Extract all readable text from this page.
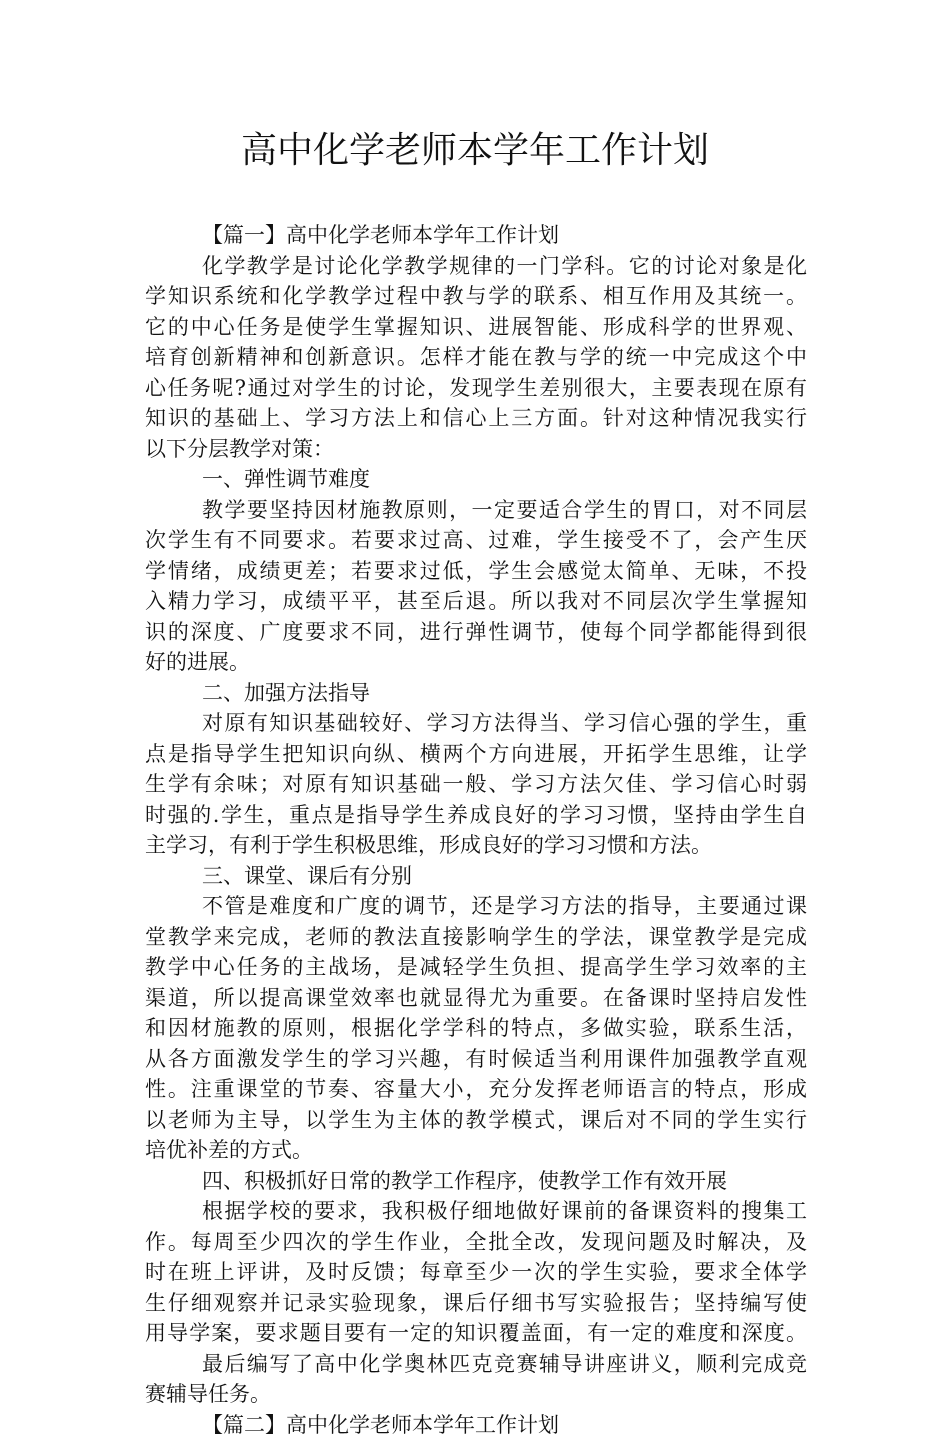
高中化学老师本学年工作计划
【篇一】高中化学老师本学年工作计划
化学教学是讨论化学教学规律的一门学科。它的讨论对象是化
学知识系统和化学教学过程中教与学的联系、相互作用及其统一。
它的中心任务是使学生掌握知识、进展智能、形成科学的世界观、
培育创新精神和创新意识。怎样才能在教与学的统一中完成这个中
心任务呢?通过对学生的讨论，发现学生差别很大，主要表现在原有
知识的基础上、学习方法上和信心上三方面。针对这种情况我实行
以下分层教学对策：
一、弹性调节难度
教学要坚持因材施教原则，一定要适合学生的胃口，对不同层
次学生有不同要求。若要求过高、过难，学生接受不了，会产生厌
学情绪，成绩更差；若要求过低，学生会感觉太简单、无味，不投
入精力学习，成绩平平，甚至后退。所以我对不同层次学生掌握知
识的深度、广度要求不同，进行弹性调节，使每个同学都能得到很
好的进展。
二、加强方法指导
对原有知识基础较好、学习方法得当、学习信心强的学生，重
点是指导学生把知识向纵、横两个方向进展，开拓学生思维，让学
生学有余味；对原有知识基础一般、学习方法欠佳、学习信心时弱
时强的.学生，重点是指导学生养成良好的学习习惯，坚持由学生自
主学习，有利于学生积极思维，形成良好的学习习惯和方法。
三、课堂、课后有分别
不管是难度和广度的调节，还是学习方法的指导，主要通过课
堂教学来完成，老师的教法直接影响学生的学法，课堂教学是完成
教学中心任务的主战场，是减轻学生负担、提高学生学习效率的主
渠道，所以提高课堂效率也就显得尤为重要。在备课时坚持启发性
和因材施教的原则，根据化学学科的特点，多做实验，联系生活，
从各方面激发学生的学习兴趣，有时候适当利用课件加强教学直观
性。注重课堂的节奏、容量大小，充分发挥老师语言的特点，形成
以老师为主导，以学生为主体的教学模式，课后对不同的学生实行
培优补差的方式。
四、积极抓好日常的教学工作程序，使教学工作有效开展
根据学校的要求，我积极仔细地做好课前的备课资料的搜集工
作。每周至少四次的学生作业，全批全改，发现问题及时解决，及
时在班上评讲，及时反馈；每章至少一次的学生实验，要求全体学
生仔细观察并记录实验现象，课后仔细书写实验报告；坚持编写使
用导学案，要求题目要有一定的知识覆盖面，有一定的难度和深度。
最后编写了高中化学奥林匹克竞赛辅导讲座讲义，顺利完成竞
赛辅导任务。
【篇二】高中化学老师本学年工作计划
